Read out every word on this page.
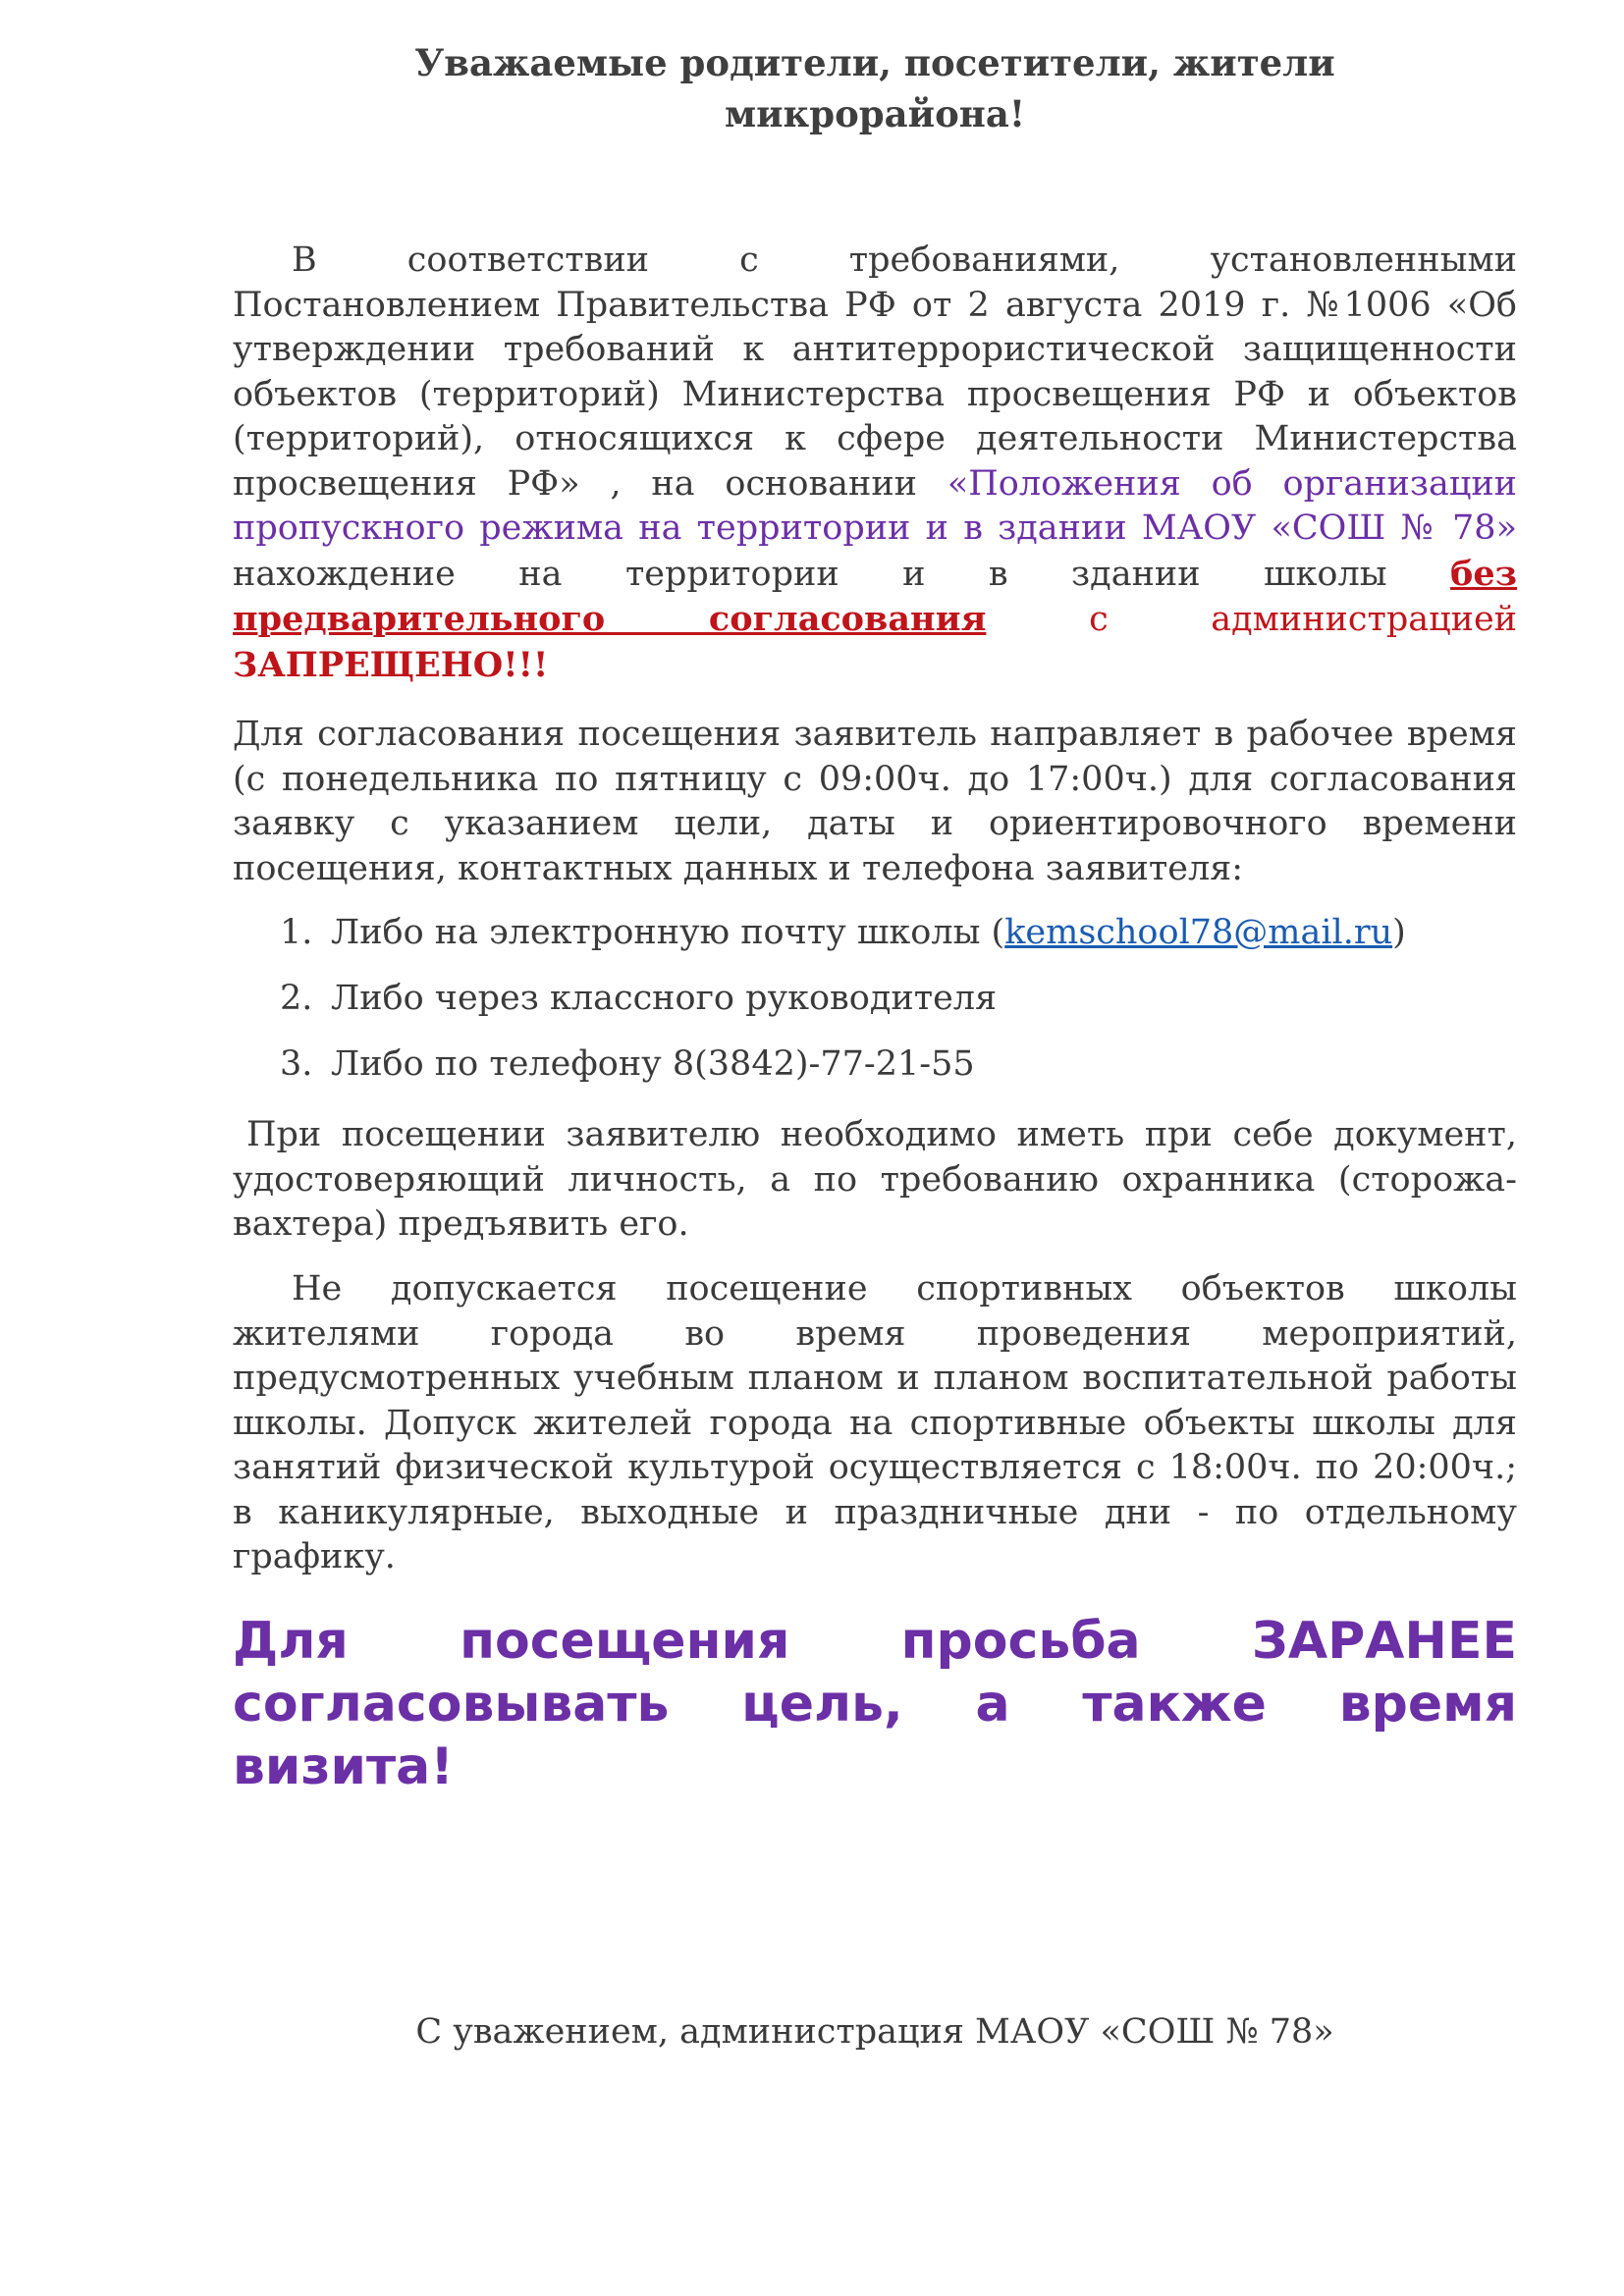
Уважаемые родители, посетители, жители
микрорайона!

В соответствии с требованиями, установленными Постановлением Правительства РФ от 2 августа 2019 г. №1006 «Об утверждении требований к антитеррористической защищенности объектов (территорий) Министерства просвещения РФ и объектов (территорий), относящихся к сфере деятельности Министерства просвещения РФ» , на основании «Положения об организации пропускного режима на территории и в здании МАОУ «СОШ № 78» нахождение на территории и в здании школы без предварительного согласования с администрацией ЗАПРЕЩЕНО!!!

Для согласования посещения заявитель направляет в рабочее время (с понедельника по пятницу с 09:00ч. до 17:00ч.) для согласования заявку с указанием цели, даты и ориентировочного времени посещения, контактных данных и телефона заявителя:

1. Либо на электронную почту школы (kemschool78@mail.ru)
2. Либо через классного руководителя
3. Либо по телефону 8(3842)-77-21-55

При посещении заявителю необходимо иметь при себе документ, удостоверяющий личность, а по требованию охранника (сторожа-вахтера) предъявить его.

Не допускается посещение спортивных объектов школы жителями города во время проведения мероприятий, предусмотренных учебным планом и планом воспитательной работы школы. Допуск жителей города на спортивные объекты школы для занятий физической культурой осуществляется с 18:00ч. по 20:00ч.; в каникулярные, выходные и праздничные дни - по отдельному графику.

Для посещения просьба ЗАРАНЕЕ согласовывать цель, а также время визита!

С уважением, администрация МАОУ «СОШ № 78»
